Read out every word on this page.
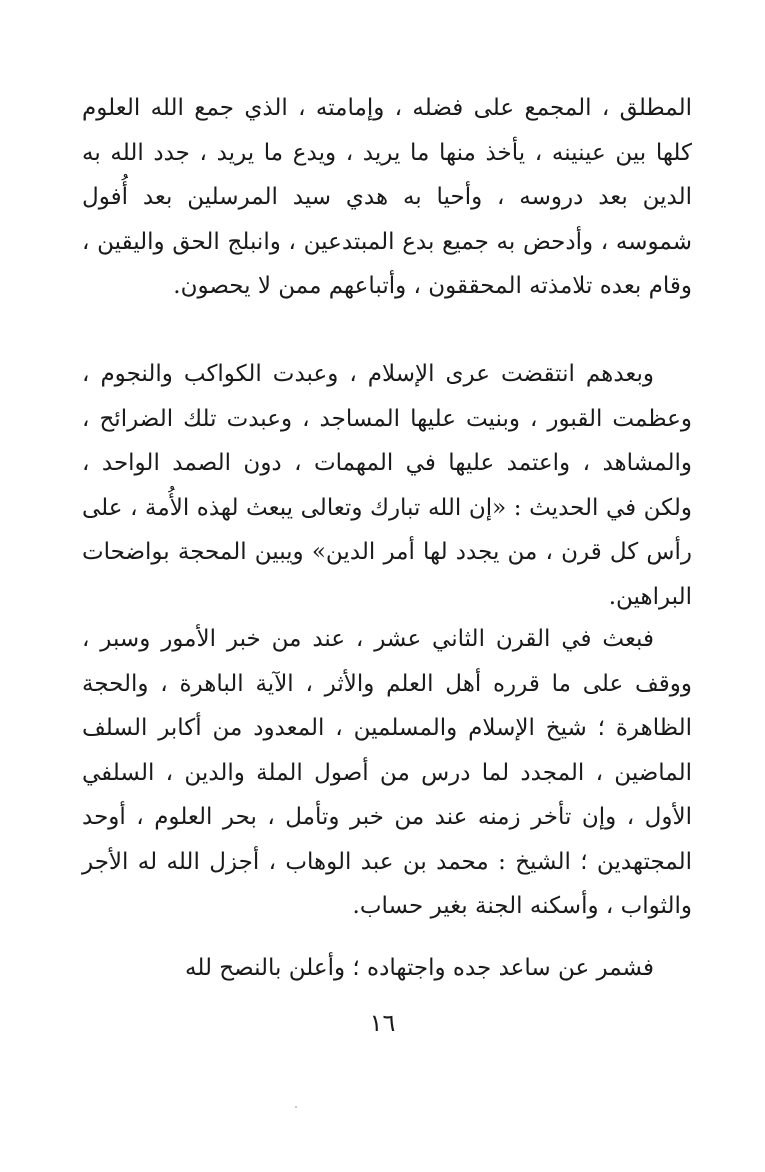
المطلق ، المجمع على فضله ، وإمامته ، الذي جمع الله العلوم كلها بين عينينه ، يأخذ منها ما يريد ، ويدع ما يريد ، جدد الله به الدين بعد دروسه ، وأحيا به هدي سيد المرسلين بعد أُفول شموسه ، وأدحض به جميع بدع المبتدعين ، وانبلج الحق واليقين ، وقام بعده تلامذته المحققون ، وأتباعهم ممن لا يحصون.

وبعدهم انتقضت عرى الإسلام ، وعبدت الكواكب والنجوم ، وعظمت القبور ، وبنيت عليها المساجد ، وعبدت تلك الضرائح ، والمشاهد ، واعتمد عليها في المهمات ، دون الصمد الواحد ، ولكن في الحديث : «إن الله تبارك وتعالى يبعث لهذه الأُمة ، على رأس كل قرن ، من يجدد لها أمر الدين» ويبين المحجة بواضحات البراهين.

فبعث في القرن الثاني عشر ، عند من خبر الأمور وسبر ، ووقف على ما قرره أهل العلم والأثر ، الآية الباهرة ، والحجة الظاهرة ؛ شيخ الإسلام والمسلمين ، المعدود من أكابر السلف الماضين ، المجدد لما درس من أصول الملة والدين ، السلفي الأول ، وإن تأخر زمنه عند من خبر وتأمل ، بحر العلوم ، أوحد المجتهدين ؛ الشيخ : محمد بن عبد الوهاب ، أجزل الله له الأجر والثواب ، وأسكنه الجنة بغير حساب.

فشمر عن ساعد جده واجتهاده ؛ وأعلن بالنصح لله

١٦
